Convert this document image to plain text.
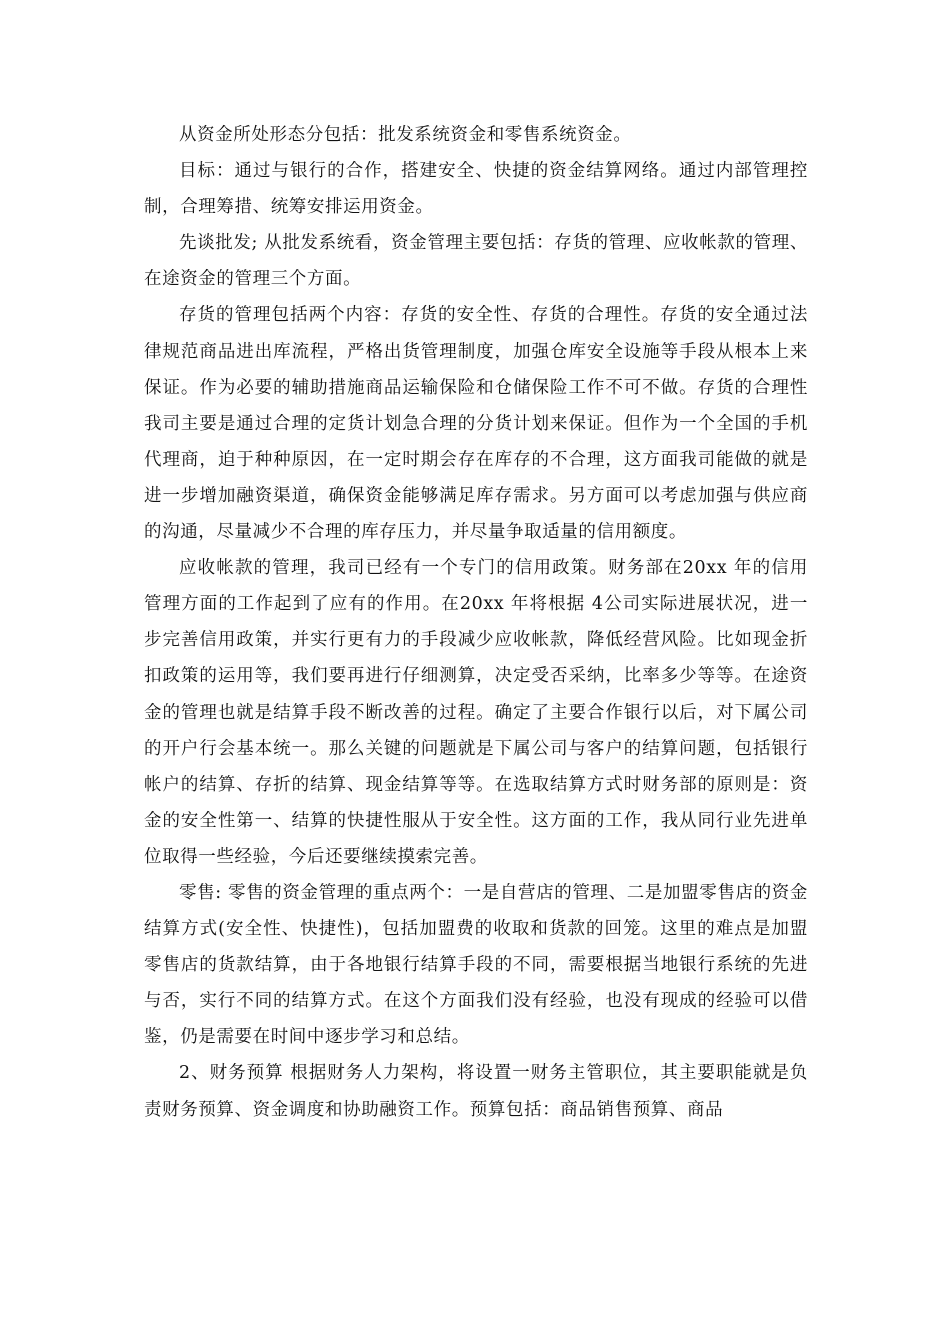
从资金所处形态分包括：批发系统资金和零售系统资金。

目标：通过与银行的合作，搭建安全、快捷的资金结算网络。通过内部管理控制，合理筹措、统筹安排运用资金。

先谈批发; 从批发系统看，资金管理主要包括：存货的管理、应收帐款的管理、在途资金的管理三个方面。

存货的管理包括两个内容：存货的安全性、存货的合理性。存货的安全通过法律规范商品进出库流程，严格出货管理制度，加强仓库安全设施等手段从根本上来保证。作为必要的辅助措施商品运输保险和仓储保险工作不可不做。存货的合理性我司主要是通过合理的定货计划急合理的分货计划来保证。但作为一个全国的手机代理商，迫于种种原因，在一定时期会存在库存的不合理，这方面我司能做的就是进一步增加融资渠道，确保资金能够满足库存需求。另方面可以考虑加强与供应商的沟通，尽量减少不合理的库存压力，并尽量争取适量的信用额度。

应收帐款的管理，我司已经有一个专门的信用政策。财务部在20xx 年的信用管理方面的工作起到了应有的作用。在20xx 年将根据 4公司实际进展状况，进一步完善信用政策，并实行更有力的手段减少应收帐款，降低经营风险。比如现金折扣政策的运用等，我们要再进行仔细测算，决定受否采纳，比率多少等等。在途资金的管理也就是结算手段不断改善的过程。确定了主要合作银行以后，对下属公司的开户行会基本统一。那么关键的问题就是下属公司与客户的结算问题，包括银行帐户的结算、存折的结算、现金结算等等。在选取结算方式时财务部的原则是：资金的安全性第一、结算的快捷性服从于安全性。这方面的工作，我从同行业先进单位取得一些经验，今后还要继续摸索完善。

零售: 零售的资金管理的重点两个：一是自营店的管理、二是加盟零售店的资金结算方式(安全性、快捷性)，包括加盟费的收取和货款的回笼。这里的难点是加盟零售店的货款结算，由于各地银行结算手段的不同，需要根据当地银行系统的先进与否，实行不同的结算方式。在这个方面我们没有经验，也没有现成的经验可以借鉴，仍是需要在时间中逐步学习和总结。

2、财务预算 根据财务人力架构，将设置一财务主管职位，其主要职能就是负责财务预算、资金调度和协助融资工作。预算包括：商品销售预算、商品
